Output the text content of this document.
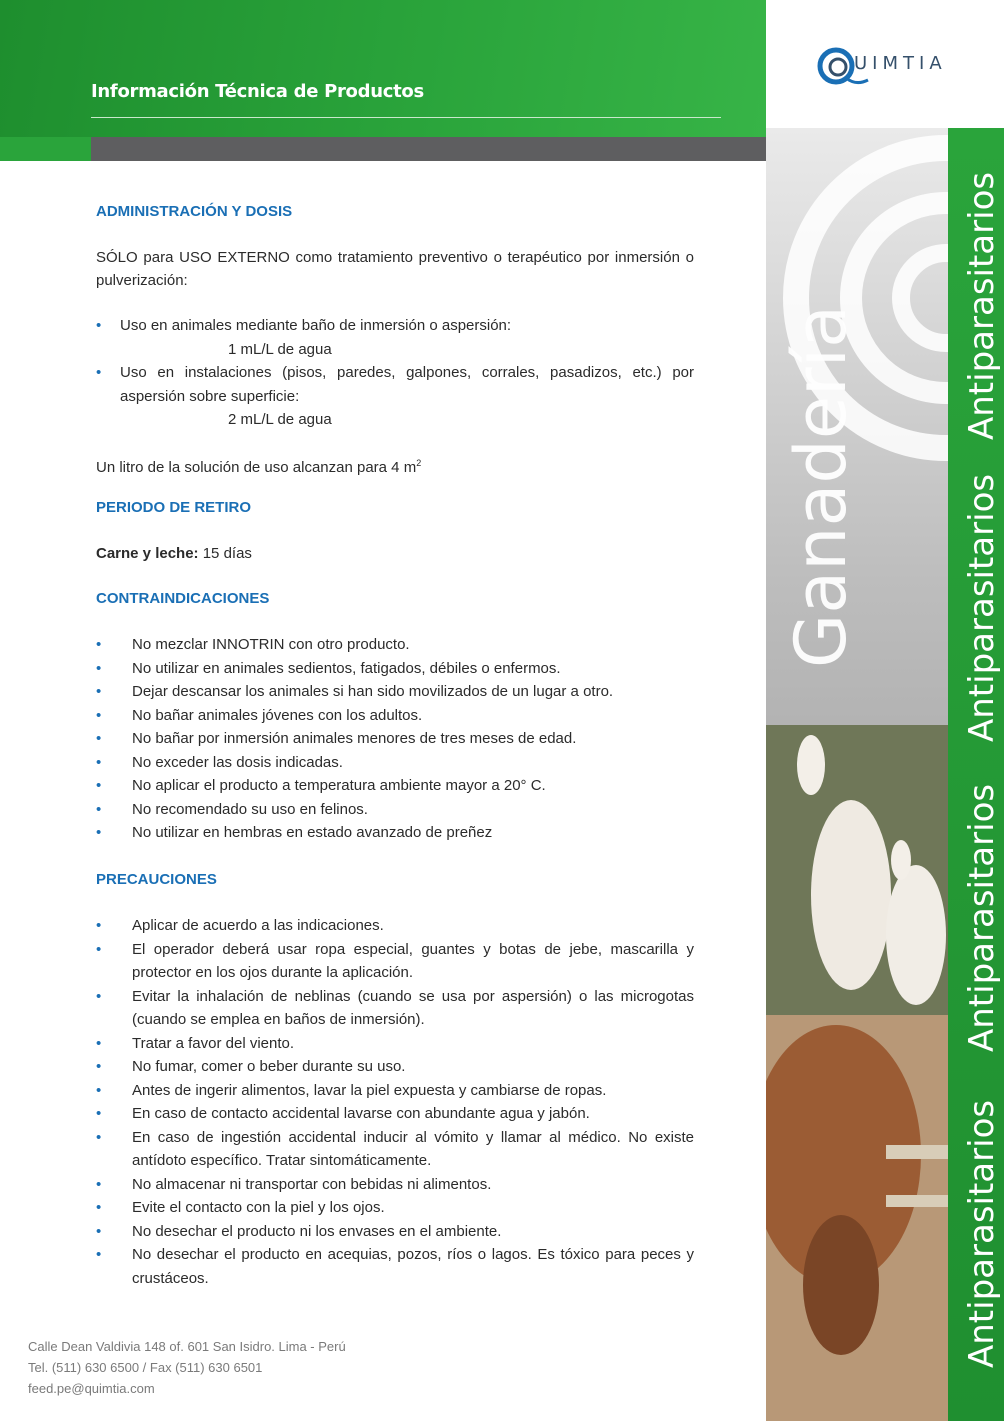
Información Técnica de Productos
UIMTIA
Ganadería	Antiparasitarios
Antiparasitarios
Antiparasitarios
Antiparasitarios
ADMINISTRACIÓN Y DOSIS
SÓLO para USO EXTERNO como tratamiento preventivo o terapéutico por inmersión o pulverización:
• Uso en animales mediante baño de inmersión o aspersión:
1 mL/L de agua
• Uso en instalaciones (pisos, paredes, galpones, corrales, pasadizos, etc.) por aspersión sobre superficie:
2 mL/L de agua
Un litro de la solución de uso alcanzan para 4 $m^2$
PERIODO DE RETIRO
Carne y leche: 15 días
CONTRAINDICACIONES
• No mezclar INNOTRIN con otro producto.
• No utilizar en animales sedientos, fatigados, débiles o enfermos.
• Dejar descansar los animales si han sido movilizados de un lugar a otro.
• No bañar animales jóvenes con los adultos.
• No bañar por inmersión animales menores de tres meses de edad.
• No exceder las dosis indicadas.
• No aplicar el producto a temperatura ambiente mayor a 20° C.
• No recomendado su uso en felinos.
• No utilizar en hembras en estado avanzado de preñez
PRECAUCIONES
• Aplicar de acuerdo a las indicaciones.
• El operador deberá usar ropa especial, guantes y botas de jebe, mascarilla y protector en los ojos durante la aplicación.
• Evitar la inhalación de neblinas (cuando se usa por aspersión) o las microgotas (cuando se emplea en baños de inmersión).
• Tratar a favor del viento.
• No fumar, comer o beber durante su uso.
• Antes de ingerir alimentos, lavar la piel expuesta y cambiarse de ropas.
• En caso de contacto accidental lavarse con abundante agua y jabón.
• En caso de ingestión accidental inducir al vómito y llamar al médico. No existe antídoto específico. Tratar sintomáticamente.
• No almacenar ni transportar con bebidas ni alimentos.
• Evite el contacto con la piel y los ojos.
• No desechar el producto ni los envases en el ambiente.
• No desechar el producto en acequias, pozos, ríos o lagos. Es tóxico para peces y crustáceos.
Calle Dean Valdivia 148 of. 601 San Isidro. Lima - Perú
Tel. (511) 630 6500 / Fax (511) 630 6501
feed.pe@quimtia.com
